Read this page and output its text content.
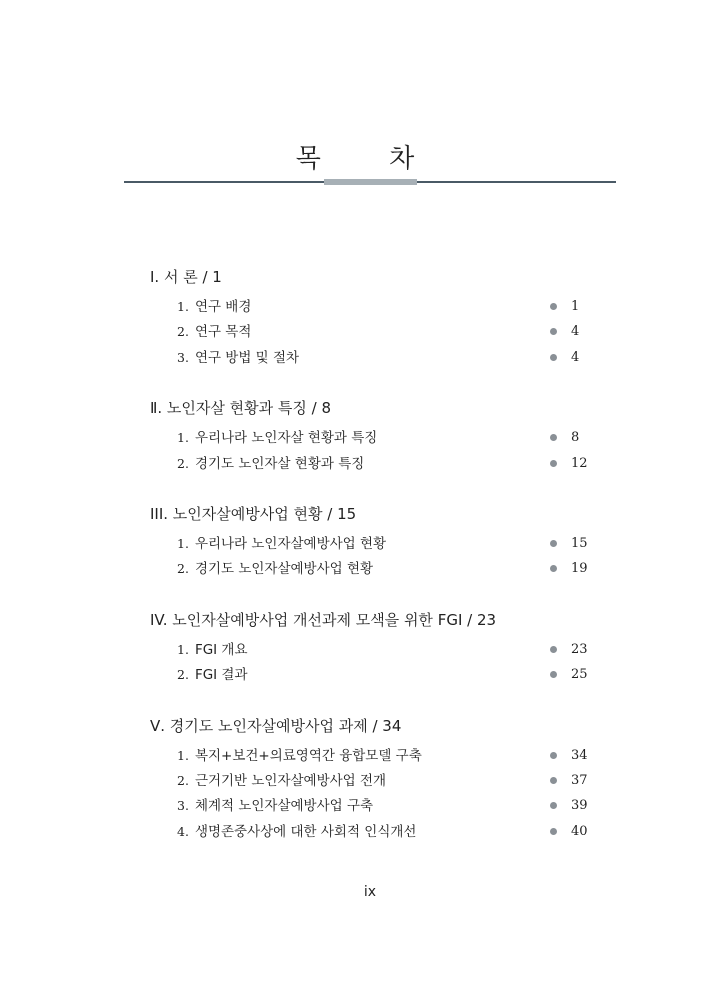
목 차
Ⅰ. 서 론 / 1
1. 연구 배경	1
2. 연구 목적	4
3. 연구 방법 및 절차	4
Ⅱ. 노인자살 현황과 특징 / 8
1. 우리나라 노인자살 현황과 특징	8
2. 경기도 노인자살 현황과 특징	12
III. 노인자살예방사업 현황 / 15
1. 우리나라 노인자살예방사업 현황	15
2. 경기도 노인자살예방사업 현황	19
IV. 노인자살예방사업 개선과제 모색을 위한 FGI / 23
1. FGI 개요	23
2. FGI 결과	25
Ⅴ. 경기도 노인자살예방사업 과제 / 34
1. 복지+보건+의료영역간 융합모델 구축	34
2. 근거기반 노인자살예방사업 전개	37
3. 체계적 노인자살예방사업 구축	39
4. 생명존중사상에 대한 사회적 인식개선	40
ix
